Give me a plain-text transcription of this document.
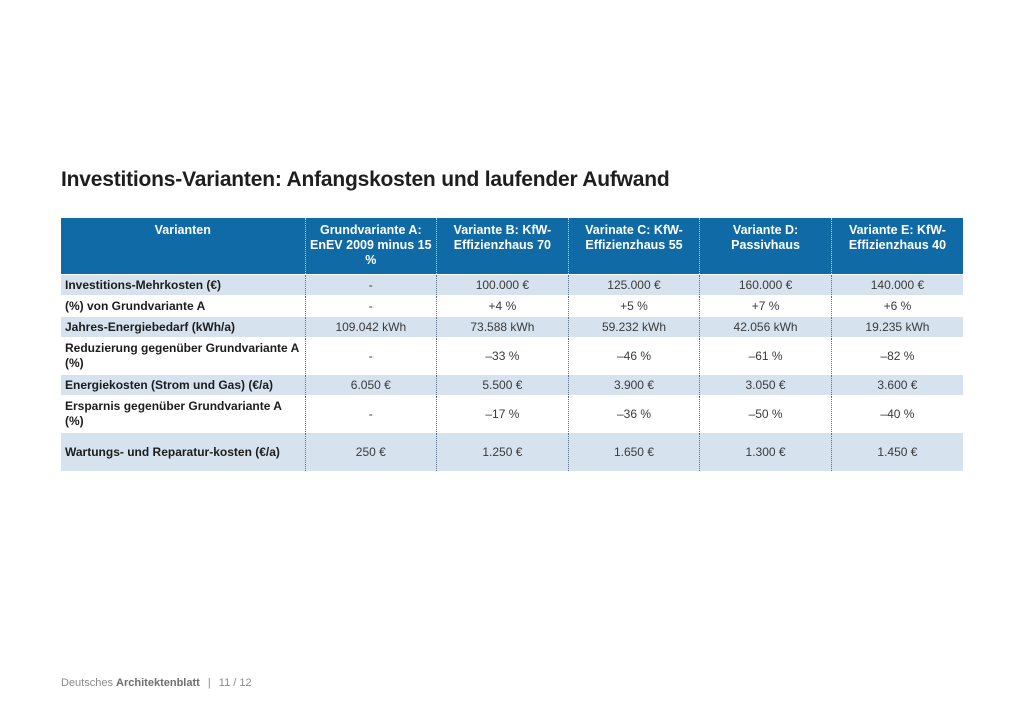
Investitions-Varianten: Anfangskosten und laufender Aufwand
Varianten	Grundvariante A: EnEV 2009 minus 15 %	Variante B: KfW-Effizienzhaus 70	Varinate C: KfW-Effizienzhaus 55	Variante D: Passivhaus	Variante E: KfW-Effizienzhaus 40
Investitions-Mehrkosten (€)	-	100.000 €	125.000 €	160.000 €	140.000 €
(%) von Grundvariante A	-	+4 %	+5 %	+7 %	+6 %
Jahres-Energiebedarf (kWh/a)	109.042 kWh	73.588 kWh	59.232 kWh	42.056 kWh	19.235 kWh
Reduzierung gegenüber Grundvariante A (%)	-	–33 %	–46 %	–61 %	–82 %
Energiekosten (Strom und Gas) (€/a)	6.050 €	5.500 €	3.900 €	3.050 €	3.600 €
Ersparnis gegenüber Grundvariante A (%)	-	–17 %	–36 %	–50 %	–40 %
Wartungs- und Reparatur-kosten (€/a)	250 €	1.250 €	1.650 €	1.300 €	1.450 €
Deutsches Architektenblatt | 11 / 12
